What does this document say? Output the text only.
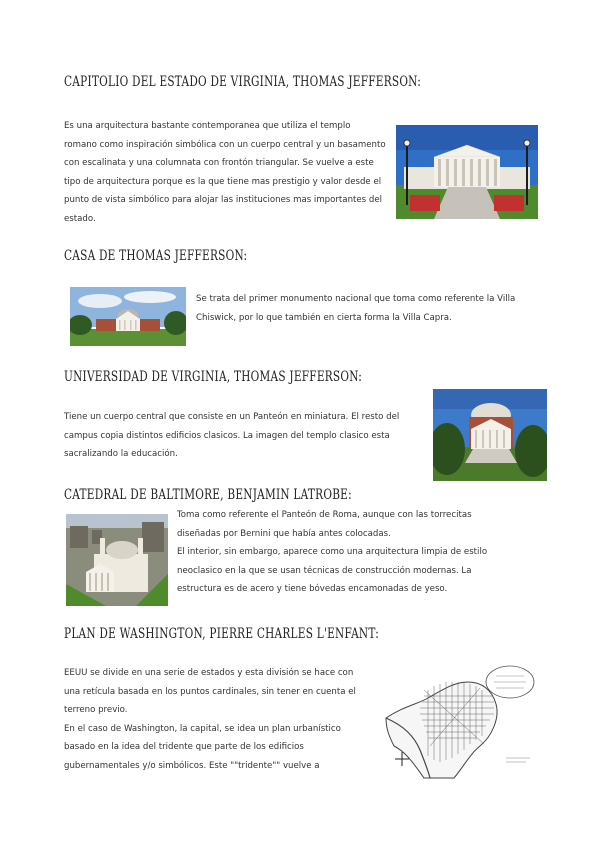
CAPITOLIO DEL ESTADO DE VIRGINIA, THOMAS JEFFERSON:

Es una arquitectura bastante contemporanea que utiliza el templo romano como inspiración simbólica con un cuerpo central y un basamento con escalinata y una columnata con frontón triangular. Se vuelve a este tipo de arquitectura porque es la que tiene mas prestigio y valor desde el punto de vista simbólico para alojar las instituciones mas importantes del estado.

CASA DE THOMAS JEFFERSON:

Se trata del primer monumento nacional que toma como referente la Villa Chiswick, por lo que también en cierta forma la Villa Capra.

UNIVERSIDAD DE VIRGINIA, THOMAS JEFFERSON:

Tiene un cuerpo central que consiste en un Panteón en miniatura. El resto del campus copia distintos edificios clasicos. La imagen del templo clasico esta sacralizando la educación.

CATEDRAL DE BALTIMORE, BENJAMIN LATROBE:

Toma como referente el Panteón de Roma, aunque con las torrecitas diseñadas por Bernini que había antes colocadas.

El interior, sin embargo, aparece como una arquitectura limpia de estilo neoclasico en la que se usan técnicas de construcción modernas. La estructura es de acero y tiene bóvedas encamonadas de yeso.

PLAN DE WASHINGTON, PIERRE CHARLES L'ENFANT:

EEUU se divide en una serie de estados y esta división se hace con una retícula basada en los puntos cardinales, sin tener en cuenta el terreno previo.

En el caso de Washington, la capital, se idea un plan urbanístico basado en la idea del tridente que parte de los edificios gubernamentales y/o simbólicos. Este ""tridente"" vuelve a
